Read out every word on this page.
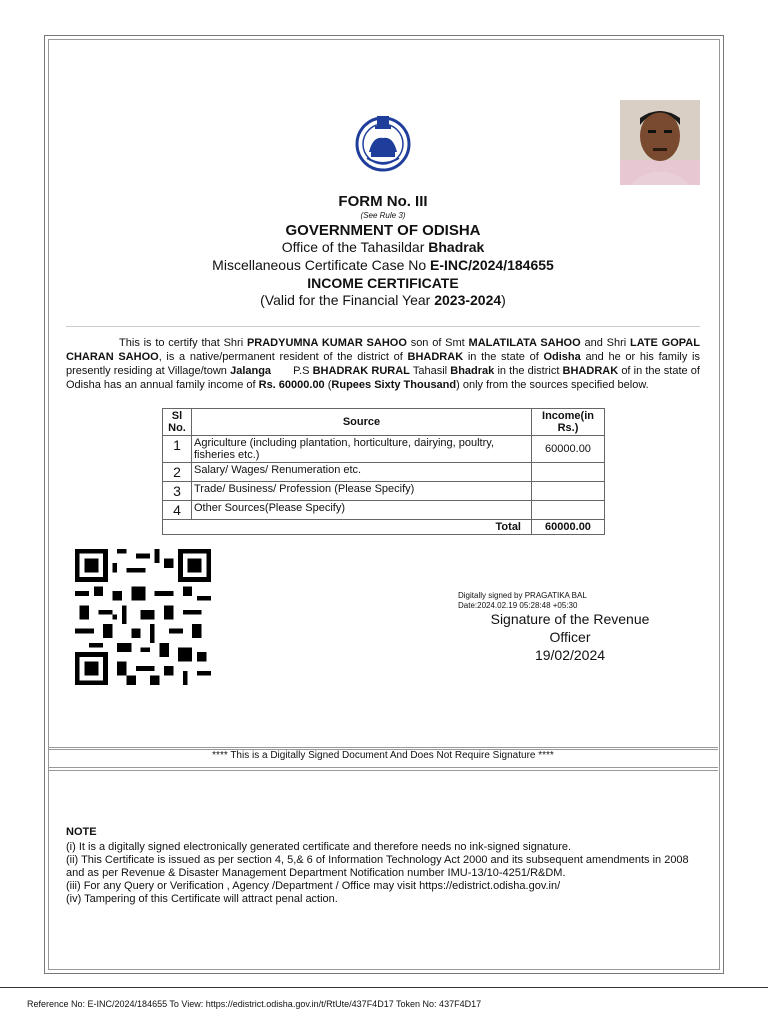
FORM No. III
(See Rule 3)
GOVERNMENT OF ODISHA
Office of the Tahasildar Bhadrak
Miscellaneous Certificate Case No E-INC/2024/184655
INCOME CERTIFICATE
(Valid for the Financial Year 2023-2024)
This is to certify that Shri PRADYUMNA KUMAR SAHOO son of Smt MALATILATA SAHOO and Shri LATE GOPAL CHARAN SAHOO, is a native/permanent resident of the district of BHADRAK in the state of Odisha and he or his family is presently residing at Village/town Jalanga P.S BHADRAK RURAL Tahasil Bhadrak in the district BHADRAK of in the state of Odisha has an annual family income of Rs. 60000.00 (Rupees Sixty Thousand) only from the sources specified below.
Sl No.	Source	Income(in Rs.)
1	Agriculture (including plantation, horticulture, dairying, poultry, fisheries etc.)	60000.00
2	Salary/ Wages/ Renumeration etc.	
3	Trade/ Business/ Profession (Please Specify)	
4	Other Sources(Please Specify)	
Total		60000.00
Digitally signed by PRAGATIKA BAL
Date:2024.02.19 05:28:48 +05:30
Signature of the Revenue
Officer
19/02/2024
**** This is a Digitally Signed Document And Does Not Require Signature ****
NOTE
(i) It is a digitally signed electronically generated certificate and therefore needs no ink-signed signature.
(ii) This Certificate is issued as per section 4, 5,& 6 of Information Technology Act 2000 and its subsequent amendments in 2008 and as per Revenue & Disaster Management Department Notification number IMU-13/10-4251/R&DM.
(iii) For any Query or Verification , Agency /Department / Office may visit https://edistrict.odisha.gov.in/
(iv) Tampering of this Certificate will attract penal action.
Reference No: E-INC/2024/184655 To View: https://edistrict.odisha.gov.in/t/RtUte/437F4D17 Token No: 437F4D17
